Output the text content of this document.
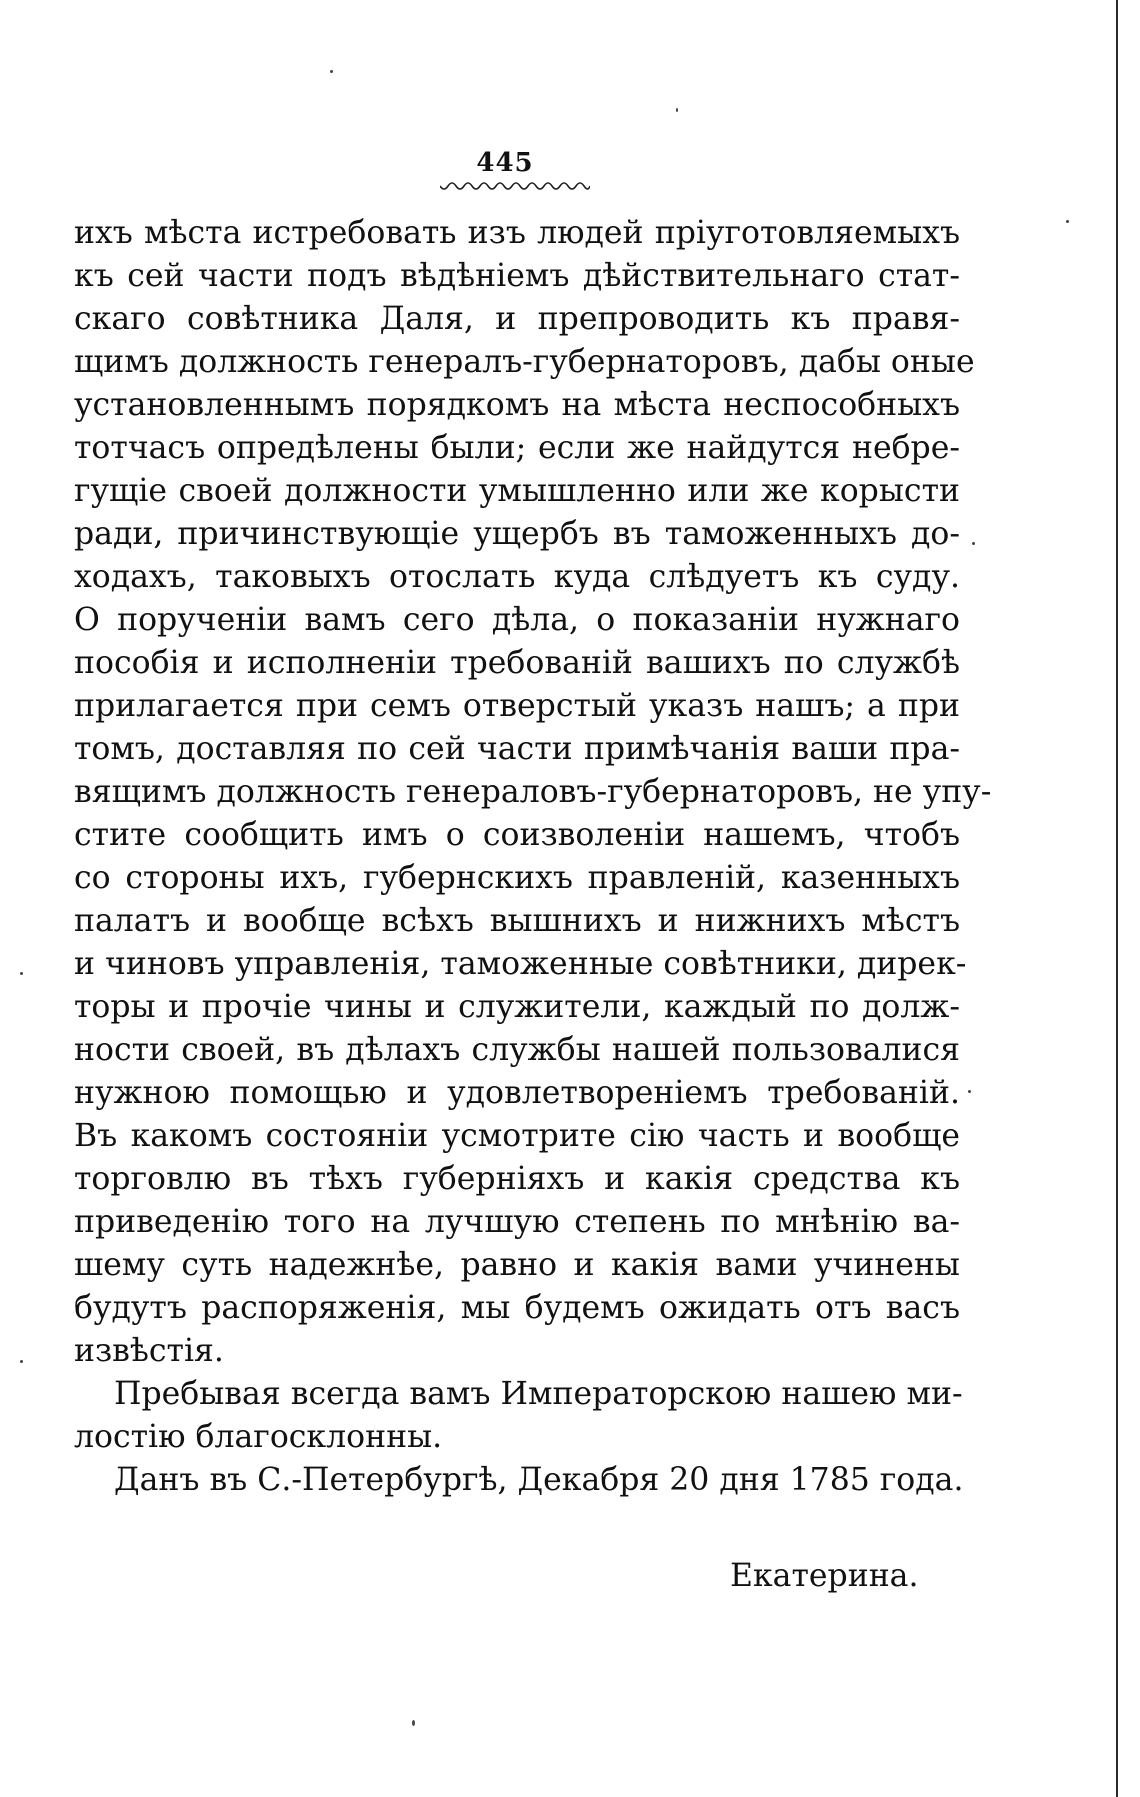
445
ихъ мѣста истребовать изъ людей пріуготовляемыхъ
къ сей части подъ вѣдѣніемъ дѣйствительнаго стат-
скаго совѣтника Даля, и препроводить къ правя-
щимъ должность генералъ-губернаторовъ, дабы оные
установленнымъ порядкомъ на мѣста неспособныхъ
тотчасъ опредѣлены были; если же найдутся небре-
гущіе своей должности умышленно или же корысти
ради, причинствующіе ущербъ въ таможенныхъ до-
ходахъ, таковыхъ отослать куда слѣдуетъ къ суду.
О порученіи вамъ сего дѣла, о показаніи нужнаго
пособія и исполненіи требованій вашихъ по службѣ
прилагается при семъ отверстый указъ нашъ; а при
томъ, доставляя по сей части примѣчанія ваши пра-
вящимъ должность генераловъ-губернаторовъ, не упу-
стите сообщить имъ о соизволеніи нашемъ, чтобъ
со стороны ихъ, губернскихъ правленій, казенныхъ
палатъ и вообще всѣхъ вышнихъ и нижнихъ мѣстъ
и чиновъ управленія, таможенные совѣтники, дирек-
торы и прочіе чины и служители, каждый по долж-
ности своей, въ дѣлахъ службы нашей пользовалися
нужною помощью и удовлетвореніемъ требованій.
Въ какомъ состояніи усмотрите сію часть и вообще
торговлю въ тѣхъ губерніяхъ и какія средства къ
приведенію того на лучшую степень по мнѣнію ва-
шему суть надежнѣе, равно и какія вами учинены
будутъ распоряженія, мы будемъ ожидать отъ васъ
извѣстія.
Пребывая всегда вамъ Императорскою нашею ми-
лостію благосклонны.
Данъ въ С.-Петербургѣ, Декабря 20 дня 1785 года.
Екатерина.
